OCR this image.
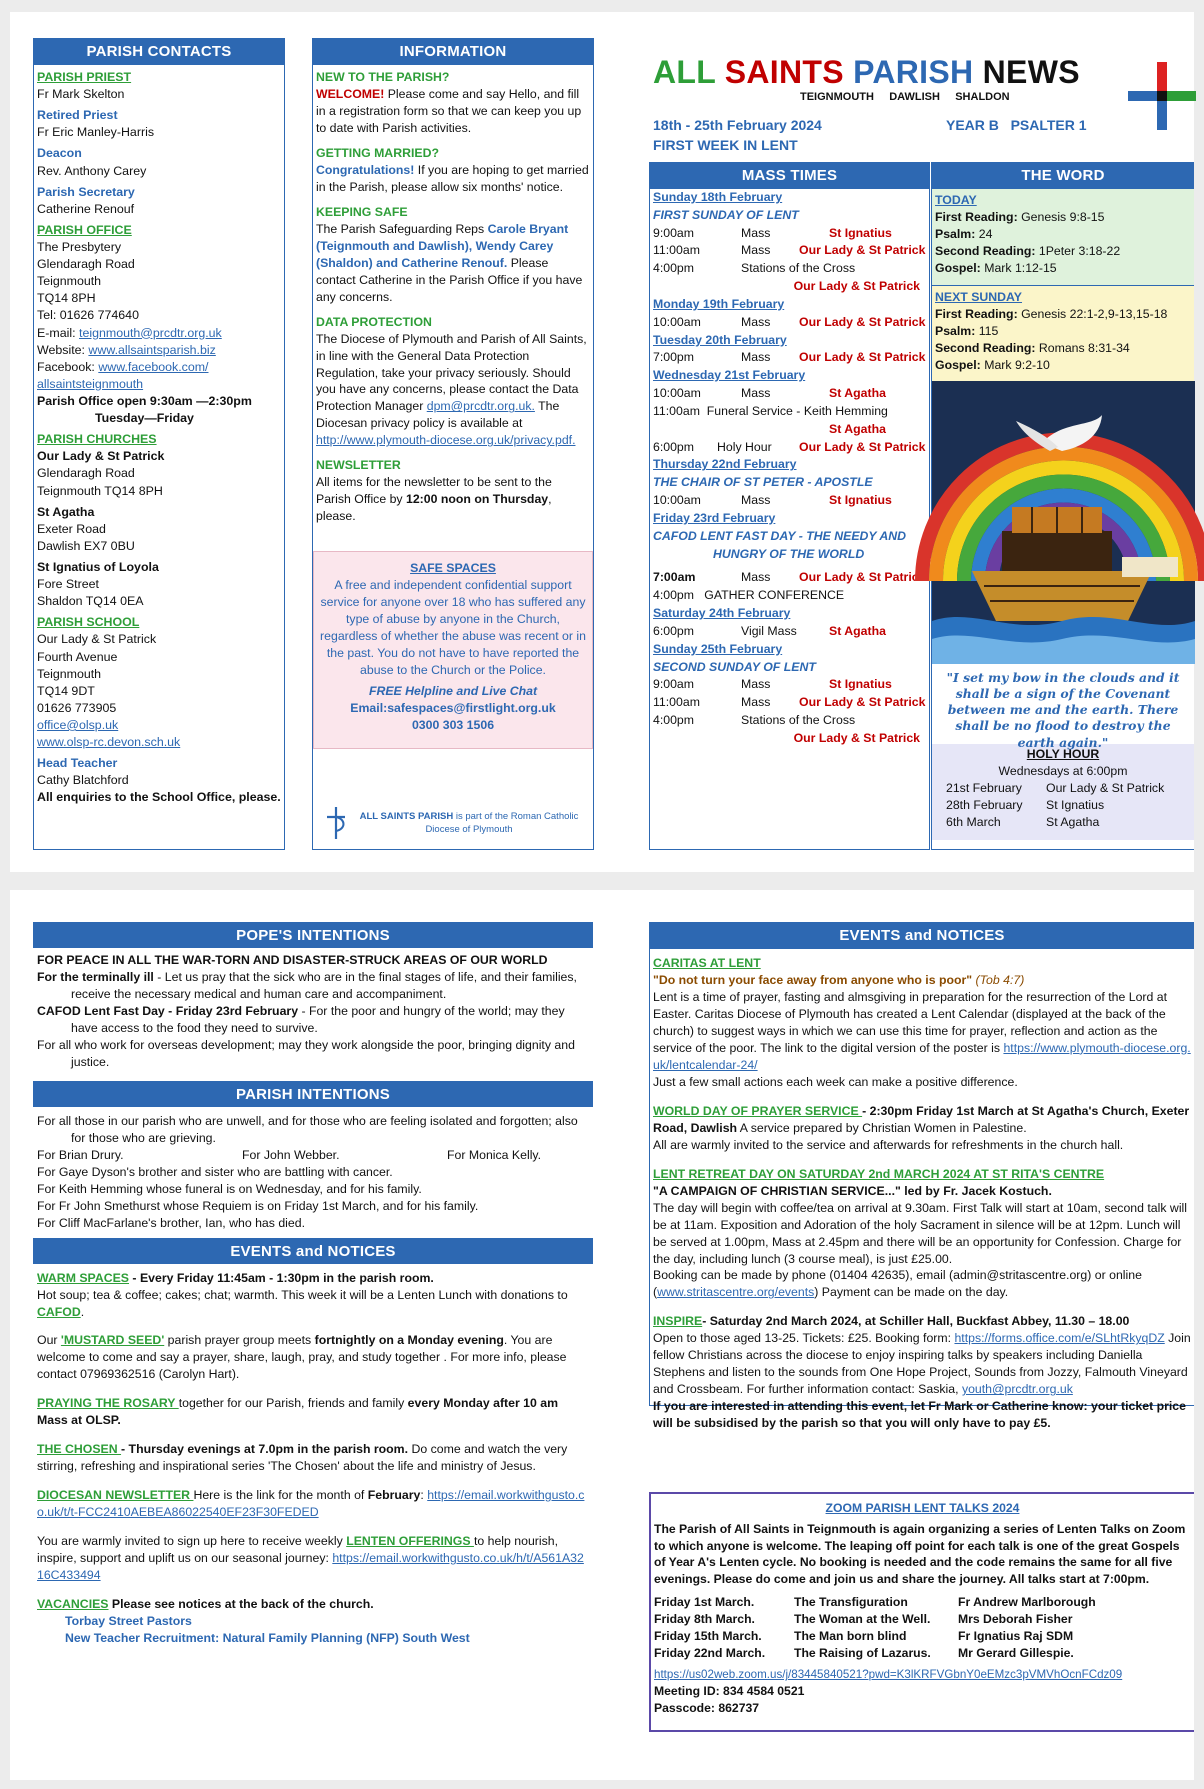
PARISH CONTACTS

PARISH PRIEST

Fr Mark Skelton

Retired Priest

Fr Eric Manley-Harris

Deacon

Rev. Anthony Carey

Parish Secretary

Catherine Renouf

PARISH OFFICE

The Presbytery

Glendaragh Road

Teignmouth

TQ14 8PH

Tel: 01626 774640

E-mail: teignmouth@prcdtr.org.uk

Website: www.allsaintsparish.biz

Facebook: www.facebook.com/

allsaintsteignmouth

Parish Office open 9:30am —2:30pm

Tuesday—Friday

PARISH CHURCHES

Our Lady & St Patrick

Glendaragh Road

Teignmouth TQ14 8PH

St Agatha

Exeter Road

Dawlish EX7 0BU

St Ignatius of Loyola

Fore Street

Shaldon TQ14 0EA

PARISH SCHOOL

Our Lady & St Patrick

Fourth Avenue

Teignmouth

TQ14 9DT

01626 773905

office@olsp.uk

www.olsp-rc.devon.sch.uk

Head Teacher

Cathy Blatchford

All enquiries to the School Office, please.

INFORMATION

NEW TO THE PARISH?

WELCOME! Please come and say Hello, and fill in a registration form so that we can keep you up to date with Parish activities.

GETTING MARRIED?

Congratulations! If you are hoping to get married in the Parish, please allow six months' notice.

KEEPING SAFE

The Parish Safeguarding Reps Carole Bryant (Teignmouth and Dawlish), Wendy Carey (Shaldon) and Catherine Renouf. Please contact Catherine in the Parish Office if you have any concerns.

DATA PROTECTION

The Diocese of Plymouth and Parish of All Saints, in line with the General Data Protection Regulation, take your privacy seriously. Should you have any concerns, please contact the Data Protection Manager dpm@prcdtr.org.uk. The Diocesan privacy policy is available at http://www.plymouth-diocese.org.uk/privacy.pdf.

NEWSLETTER

All items for the newsletter to be sent to the Parish Office by 12:00 noon on Thursday, please.

SAFE SPACES

A free and independent confidential support service for anyone over 18 who has suffered any type of abuse by anyone in the Church, regardless of whether the abuse was recent or in the past. You do not have to have reported the abuse to the Church or the Police.

FREE Helpline and Live Chat

Email:safespaces@firstlight.org.uk

0300 303 1506

ALL SAINTS PARISH is part of the Roman Catholic Diocese of Plymouth

ALL SAINTS PARISH NEWS
TEIGNMOUTH     DAWLISH     SHALDON
18th - 25th February 2024
FIRST WEEK IN LENT
YEAR B   PSALTER 1
MASS TIMES

Sunday 18th February

FIRST SUNDAY OF LENT

9:00am	Mass	St Ignatius
11:00am	Mass	Our Lady & St Patrick
4:00pm	Stations of the Cross

Our Lady & St Patrick

Monday 19th February

10:00am	Mass	Our Lady & St Patrick

Tuesday 20th February

7:00pm	Mass	Our Lady & St Patrick

Wednesday 21st February

10:00am	Mass	St Agatha

11:00am  Funeral Service - Keith Hemming

St Agatha

6:00pm	Holy Hour	Our Lady & St Patrick

Thursday 22nd February

THE CHAIR OF ST PETER - APOSTLE

10:00am	Mass	St Ignatius

Friday 23rd February

CAFOD LENT FAST DAY - THE NEEDY AND

HUNGRY OF THE WORLD

7:00am	Mass	Our Lady & St Patrick

4:00pm   GATHER CONFERENCE

Saturday 24th February

6:00pm	Vigil Mass	St Agatha

Sunday 25th February

SECOND SUNDAY OF LENT

9:00am	Mass	St Ignatius
11:00am	Mass	Our Lady & St Patrick
4:00pm	Stations of the Cross

Our Lady & St Patrick

THE WORD

TODAY

First Reading: Genesis 9:8-15

Psalm: 24

Second Reading: 1Peter 3:18-22

Gospel: Mark 1:12-15

NEXT SUNDAY

First Reading: Genesis 22:1-2,9-13,15-18

Psalm: 115

Second Reading: Romans 8:31-34

Gospel: Mark 9:2-10

"I set my bow in the clouds and it shall be a sign of the Covenant between me and the earth. There shall be no flood to destroy the earth again."

HOLY HOUR

Wednesdays at 6:00pm

21st February	Our Lady & St Patrick
28th February	St Ignatius
6th March	St Agatha
POPE'S INTENTIONS

FOR PEACE IN ALL THE WAR-TORN AND DISASTER-STRUCK AREAS OF OUR WORLD

For the terminally ill - Let us pray that the sick who are in the final stages of life, and their families, receive the necessary medical and human care and accompaniment.

CAFOD Lent Fast Day - Friday 23rd February - For the poor and hungry of the world; may they have access to the food they need to survive.

For all who work for overseas development; may they work alongside the poor, bringing dignity and justice.

PARISH INTENTIONS

For all those in our parish who are unwell, and for those who are feeling isolated and forgotten; also for those who are grieving.

For Brian Drury.	For John Webber.	For Monica Kelly.

For Gaye Dyson's brother and sister who are battling with cancer.

For Keith Hemming whose funeral is on Wednesday, and for his family.

For Fr John Smethurst whose Requiem is on Friday 1st March, and for his family.

For Cliff MacFarlane's brother, Ian, who has died.

EVENTS and NOTICES

WARM SPACES - Every Friday 11:45am - 1:30pm in the parish room.

Hot soup; tea & coffee; cakes; chat; warmth. This week it will be a Lenten Lunch with donations to CAFOD.

Our 'MUSTARD SEED' parish prayer group meets fortnightly on a Monday evening. You are welcome to come and say a prayer, share, laugh, pray, and study together . For more info, please contact 07969362516 (Carolyn Hart).

PRAYING THE ROSARY together for our Parish, friends and family every Monday after 10 am Mass at OLSP.

THE CHOSEN - Thursday evenings at 7.0pm in the parish room. Do come and watch the very stirring, refreshing and inspirational series 'The Chosen' about the life and ministry of Jesus.

DIOCESAN NEWSLETTER Here is the link for the month of February: https://email.workwithgusto.co.uk/t/t-FCC2410AEBEA86022540EF23F30FEDED

You are warmly invited to sign up here to receive weekly LENTEN OFFERINGS to help nourish, inspire, support and uplift us on our seasonal journey: https://email.workwithgusto.co.uk/h/t/A561A3216C433494

VACANCIES Please see notices at the back of the church.

Torbay Street Pastors

New Teacher Recruitment: Natural Family Planning (NFP) South West

EVENTS and NOTICES

CARITAS AT LENT

"Do not turn your face away from anyone who is poor" (Tob 4:7)

Lent is a time of prayer, fasting and almsgiving in preparation for the resurrection of the Lord at Easter. Caritas Diocese of Plymouth has created a Lent Calendar (displayed at the back of the church) to suggest ways in which we can use this time for prayer, reflection and action as the service of the poor. The link to the digital version of the poster is https://www.plymouth-diocese.org.uk/lentcalendar-24/

Just a few small actions each week can make a positive difference.

WORLD DAY OF PRAYER SERVICE - 2:30pm Friday 1st March at St Agatha's Church, Exeter Road, Dawlish A service prepared by Christian Women in Palestine.

All are warmly invited to the service and afterwards for refreshments in the church hall.

LENT RETREAT DAY ON SATURDAY 2nd MARCH 2024 AT ST RITA'S CENTRE

"A CAMPAIGN OF CHRISTIAN SERVICE..." led by Fr. Jacek Kostuch.

The day will begin with coffee/tea on arrival at 9.30am. First Talk will start at 10am, second talk will be at 11am. Exposition and Adoration of the holy Sacrament in silence will be at 12pm. Lunch will be served at 1.00pm, Mass at 2.45pm and there will be an opportunity for Confession. Charge for the day, including lunch (3 course meal), is just £25.00.

Booking can be made by phone (01404 42635), email (admin@stritascentre.org) or online (www.stritascentre.org/events) Payment can be made on the day.

INSPIRE- Saturday 2nd March 2024, at Schiller Hall, Buckfast Abbey, 11.30 – 18.00

Open to those aged 13-25. Tickets: £25. Booking form: https://forms.office.com/e/SLhtRkyqDZ Join fellow Christians across the diocese to enjoy inspiring talks by speakers including Daniella Stephens and listen to the sounds from One Hope Project, Sounds from Jozzy, Falmouth Vineyard and Crossbeam. For further information contact: Saskia, youth@prcdtr.org.uk

If you are interested in attending this event, let Fr Mark or Catherine know: your ticket price will be subsidised by the parish so that you will only have to pay £5.

ZOOM PARISH LENT TALKS 2024

The Parish of All Saints in Teignmouth is again organizing a series of Lenten Talks on Zoom to which anyone is welcome. The leaping off point for each talk is one of the great Gospels of Year A's Lenten cycle. No booking is needed and the code remains the same for all five evenings. Please do come and join us and share the journey. All talks start at 7:00pm.

Friday 1st March.	The Transfiguration	Fr Andrew Marlborough
Friday 8th March.	The Woman at the Well.	Mrs Deborah Fisher
Friday 15th March.	The Man born blind	Fr Ignatius Raj SDM
Friday 22nd March.	The Raising of Lazarus.	Mr Gerard Gillespie.

https://us02web.zoom.us/j/83445840521?pwd=K3lKRFVGbnY0eEMzc3pVMVhOcnFCdz09

Meeting ID: 834 4584 0521

Passcode: 862737
